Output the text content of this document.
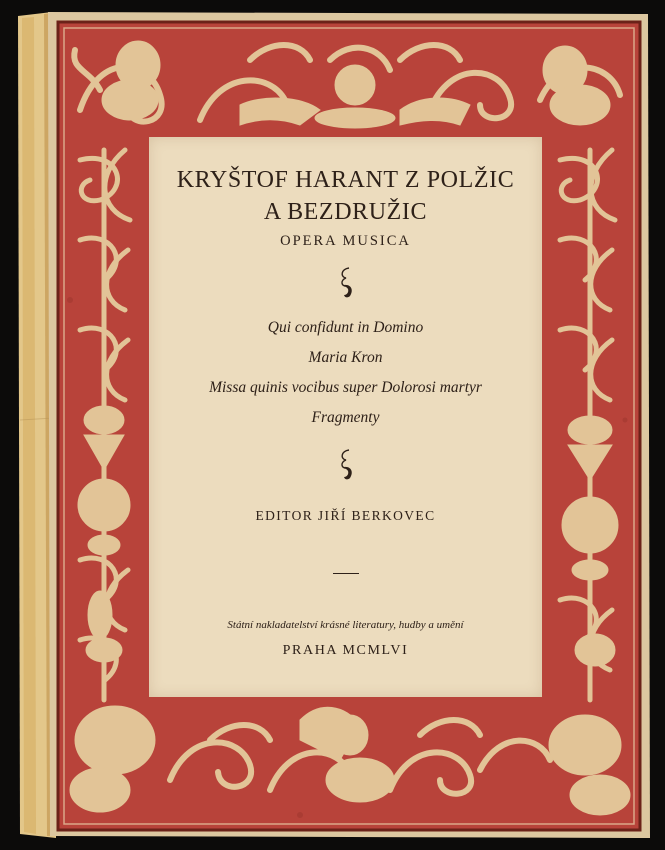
KRYŠTOF HARANT Z POLŽIC

A BEZDRUŽIC

OPERA MUSICA

Qui confidunt in Domino

Maria Kron

Missa quinis vocibus super Dolorosi martyr

Fragmenty

EDITOR JIŘÍ BERKOVEC

Státní nakladatelství krásné literatury, hudby a umění

PRAHA MCMLVI
